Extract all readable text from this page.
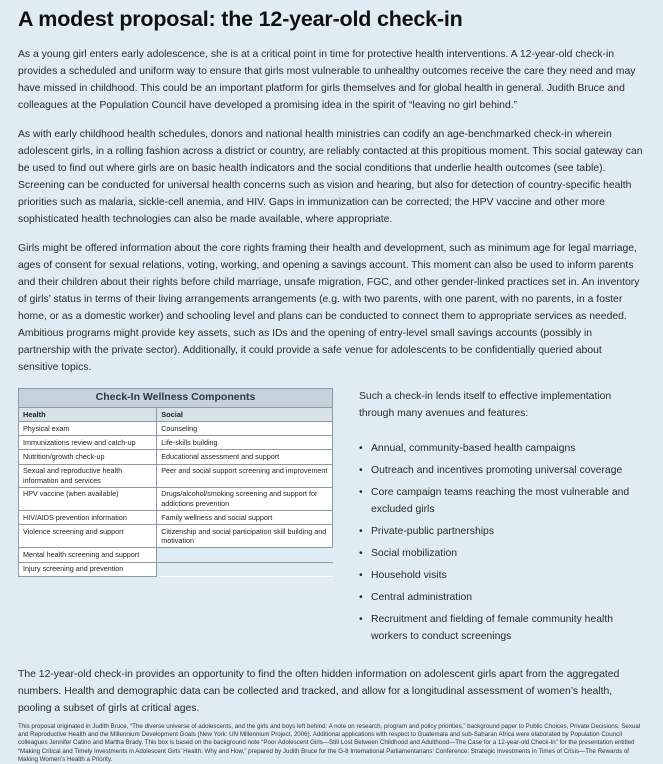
A modest proposal: the 12-year-old check-in

As a young girl enters early adolescence, she is at a critical point in time for protective health interventions. A 12-year-old check-in provides a scheduled and uniform way to ensure that girls most vulnerable to unhealthy outcomes receive the care they need and may have missed in childhood. This could be an important platform for girls themselves and for global health in general. Judith Bruce and colleagues at the Population Council have developed a promising idea in the spirit of “leaving no girl behind.”

As with early childhood health schedules, donors and national health ministries can codify an age-benchmarked check-in wherein adolescent girls, in a rolling fashion across a district or country, are reliably contacted at this propitious moment. This social gateway can be used to find out where girls are on basic health indicators and the social conditions that underlie health outcomes (see table). Screening can be conducted for universal health concerns such as vision and hearing, but also for detection of country-specific health priorities such as malaria, sickle-cell anemia, and HIV. Gaps in immunization can be corrected; the HPV vaccine and other more sophisticated health technologies can also be made available, where appropriate.

Girls might be offered information about the core rights framing their health and development, such as minimum age for legal marriage, ages of consent for sexual relations, voting, working, and opening a savings account. This moment can also be used to inform parents and their children about their rights before child marriage, unsafe migration, FGC, and other gender-linked practices set in. An inventory of girls’ status in terms of their living arrangements arrangements (e.g. with two parents, with one parent, with no parents, in a foster home, or as a domestic worker) and schooling level and plans can be conducted to connect them to appropriate services as needed. Ambitious programs might provide key assets, such as IDs and the opening of entry-level small savings accounts (possibly in partnership with the private sector). Additionally, it could provide a safe venue for adolescents to be confidentially queried about sensitive topics.

Check-In Wellness Components
Health	Social
Physical exam	Counseling
Immunizations review and catch-up	Life-skills building
Nutrition/growth check-up	Educational assessment and support
Sexual and reproductive health information and services	Peer and social support screening and improvement
HPV vaccine (when available)	Drugs/alcohol/smoking screening and support for addictions prevention
HIV/AIDS prevention information	Family wellness and social support
Violence screening and support	Citizenship and social participation skill building and motivation
Mental health screening and support	
Injury screening and prevention	

Such a check-in lends itself to effective implementation through many avenues and features:

• Annual, community-based health campaigns
• Outreach and incentives promoting universal coverage
• Core campaign teams reaching the most vulnerable and excluded girls
• Private-public partnerships
• Social mobilization
• Household visits
• Central administration
• Recruitment and fielding of female community health workers to conduct screenings

The 12-year-old check-in provides an opportunity to find the often hidden information on adolescent girls apart from the aggregated numbers. Health and demographic data can be collected and tracked, and allow for a longitudinal assessment of women’s health, pooling a subset of girls at critical ages.

This proposal originated in Judith Bruce, “The diverse universe of adolescents, and the girls and boys left behind: A note on research, program and policy priorities,” background paper to Public Choices, Private Decisions: Sexual and Reproductive Health and the Millennium Development Goals (New York: UN Millennium Project, 2006). Additional applications with respect to Guatemala and sub-Saharan Africa were elaborated by Population Council colleagues Jennifer Catino and Martha Brady. This box is based on the background note “Poor Adolescent Girls—Still Lost Between Childhood and Adulthood—The Case for a 12-year-old Check-In” for the presentation entitled “Making Critical and Timely Investments in Adolescent Girls’ Health: Why and How,” prepared by Judith Bruce for the G-8 International Parliamentarians’ Conference: Strategic Investments in Times of Crisis—The Rewards of Making Women’s Health a Priority.
